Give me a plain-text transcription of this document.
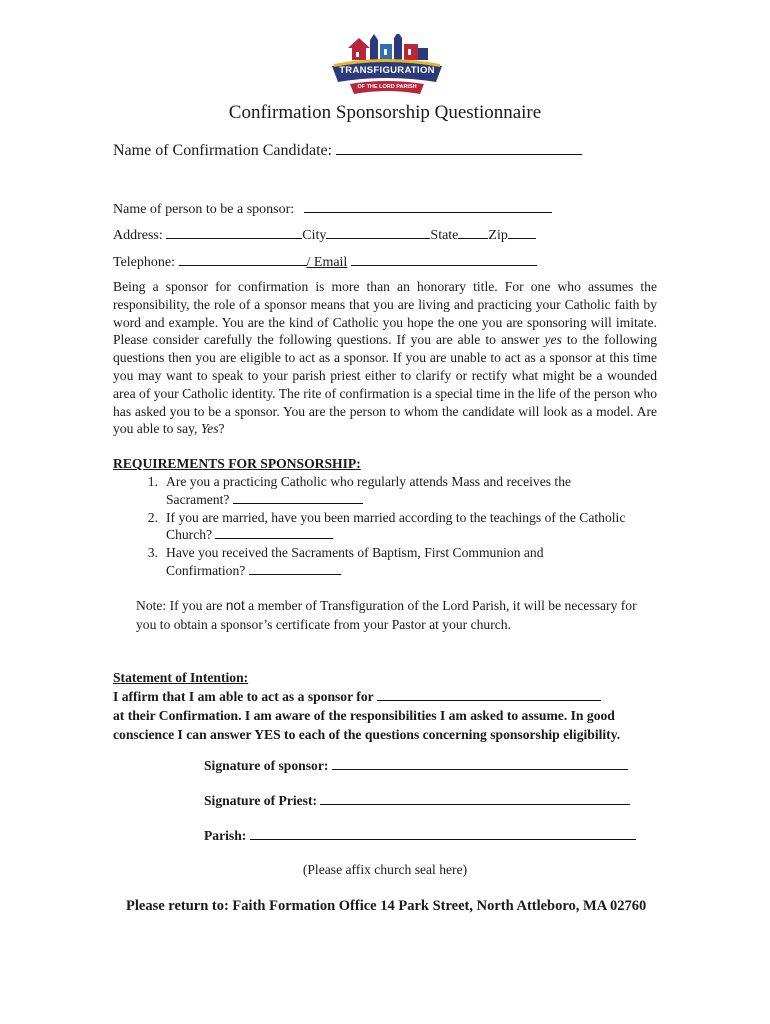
TRANSFIGURATION
OF THE LORD PARISH
Confirmation Sponsorship Questionnaire
Name of Confirmation Candidate:
Name of person to be a sponsor:
Address:	City	State Zip
Telephone:	/ Email
Being a sponsor for confirmation is more than an honorary title. For one who assumes the responsibility, the role of a sponsor means that you are living and practicing your Catholic faith by word and example. You are the kind of Catholic you hope the one you are sponsoring will imitate. Please consider carefully the following questions. If you are able to answer yes to the following questions then you are eligible to act as a sponsor. If you are unable to act as a sponsor at this time you may want to speak to your parish priest either to clarify or rectify what might be a wounded area of your Catholic identity. The rite of confirmation is a special time in the life of the person who has asked you to be a sponsor. You are the person to whom the candidate will look as a model. Are you able to say, Yes?
REQUIREMENTS FOR SPONSORSHIP:
1. Are you a practicing Catholic who regularly attends Mass and receives the Sacrament?
2. If you are married, have you been married according to the teachings of the Catholic Church?
3. Have you received the Sacraments of Baptism, First Communion and Confirmation?
Note: If you are not a member of Transfiguration of the Lord Parish, it will be necessary for you to obtain a sponsor’s certificate from your Pastor at your church.
Statement of Intention:
I affirm that I am able to act as a sponsor for
at their Confirmation. I am aware of the responsibilities I am asked to assume. In good conscience I can answer YES to each of the questions concerning sponsorship eligibility.
Signature of sponsor:
Signature of Priest:
Parish:
(Please affix church seal here)
Please return to: Faith Formation Office 14 Park Street, North Attleboro, MA 02760
